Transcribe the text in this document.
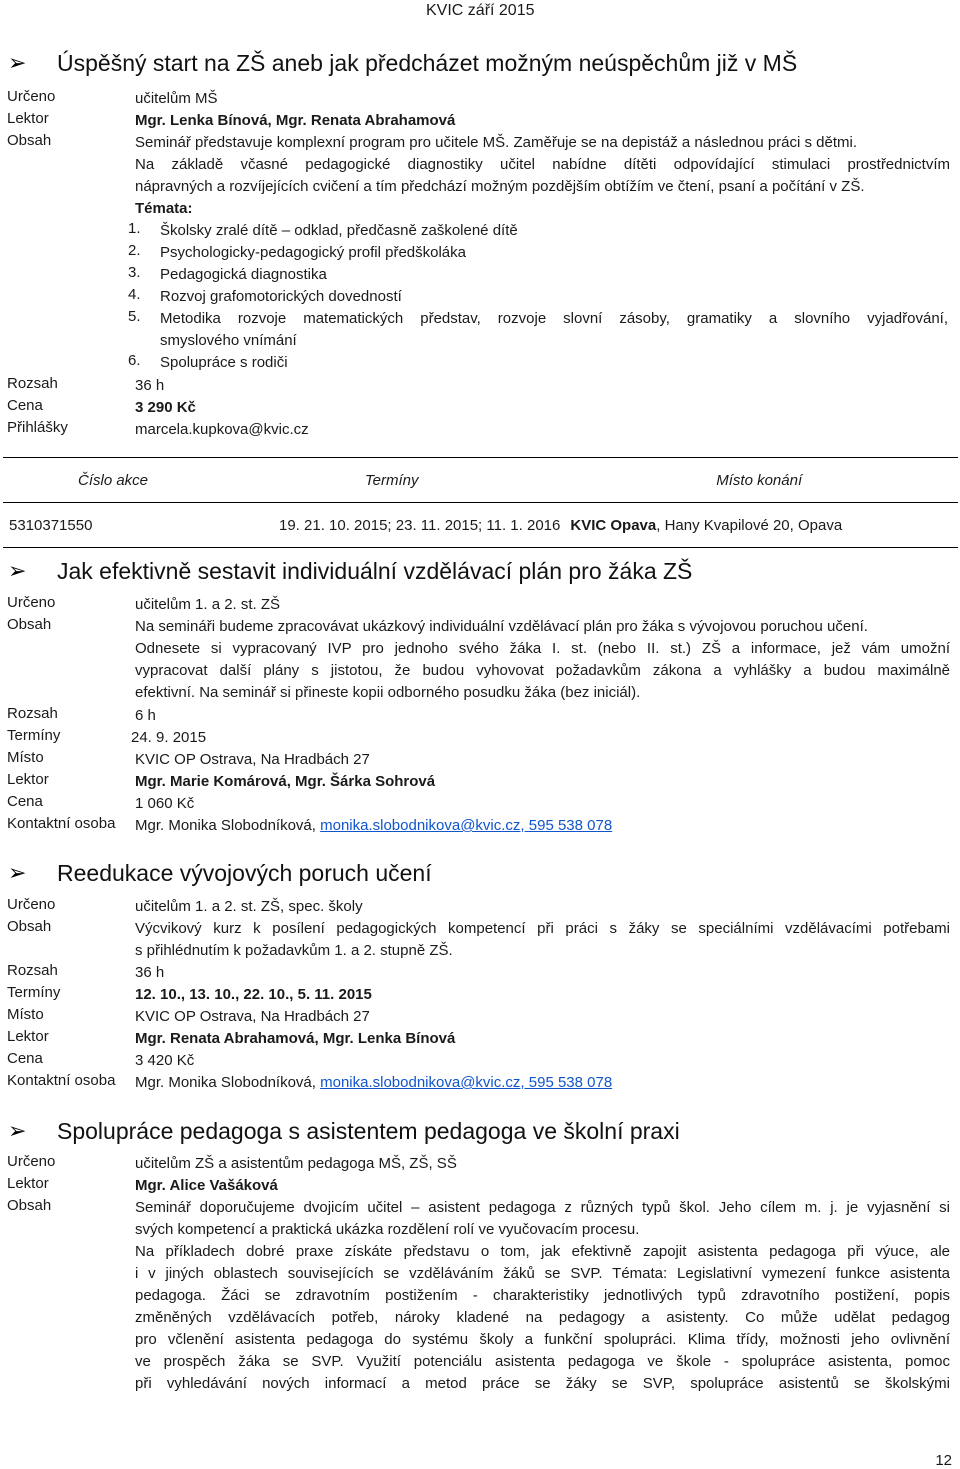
KVIC září 2015
➢	Úspěšný start na ZŠ aneb jak předcházet možným neúspěchům již v MŠ
Určeno	učitelům MŠ
Lektor	Mgr. Lenka Bínová, Mgr. Renata Abrahamová
Obsah	Seminář představuje komplexní program pro učitele MŠ. Zaměřuje se na depistáž a následnou práci s dětmi.
Na základě včasné pedagogické diagnostiky učitel nabídne dítěti odpovídající stimulaci prostřednictvím
nápravných a rozvíjejících cvičení a tím předchází možným pozdějším obtížím ve čtení, psaní a počítání v ZŠ.
Témata:
1. Školsky zralé dítě – odklad, předčasně zaškolené dítě
2. Psychologicky-pedagogický profil předškoláka
3. Pedagogická diagnostika
4. Rozvoj grafomotorických dovedností
5. Metodika rozvoje matematických představ, rozvoje slovní zásoby, gramatiky a slovního vyjadřování,
smyslového vnímání
6. Spolupráce s rodiči
Rozsah	36 h
Cena	3 290 Kč
Přihlášky	marcela.kupkova@kvic.cz
Číslo akce	Termíny	Místo konání
5310371550	19. 21. 10. 2015; 23. 11. 2015; 11. 1. 2016	KVIC Opava, Hany Kvapilové 20, Opava
➢	Jak efektivně sestavit individuální vzdělávací plán pro žáka ZŠ
Určeno	učitelům 1. a 2. st. ZŠ
Obsah	Na semináři budeme zpracovávat ukázkový individuální vzdělávací plán pro žáka s vývojovou poruchou učení.
Odnesete si vypracovaný IVP pro jednoho svého žáka I. st. (nebo II. st.) ZŠ a informace, jež vám umožní
vypracovat další plány s jistotou, že budou vyhovovat požadavkům zákona a vyhlášky a budou maximálně
efektivní. Na seminář si přineste kopii odborného posudku žáka (bez iniciál).
Rozsah	6 h
Termíny	24. 9. 2015
Místo	KVIC OP Ostrava, Na Hradbách 27
Lektor	Mgr. Marie Komárová, Mgr. Šárka Sohrová
Cena	1 060 Kč
Kontaktní osoba Mgr. Monika Slobodníková, monika.slobodnikova@kvic.cz, 595 538 078
➢	Reedukace vývojových poruch učení
Určeno	učitelům 1. a 2. st. ZŠ, spec. školy
Obsah	Výcvikový kurz k posílení pedagogických kompetencí při práci s žáky se speciálními vzdělávacími potřebami
s přihlédnutím k požadavkům 1. a 2. stupně ZŠ.
Rozsah	36 h
Termíny	12. 10., 13. 10., 22. 10., 5. 11. 2015
Místo	KVIC OP Ostrava, Na Hradbách 27
Lektor	Mgr. Renata Abrahamová, Mgr. Lenka Bínová
Cena	3 420 Kč
Kontaktní osoba Mgr. Monika Slobodníková, monika.slobodnikova@kvic.cz, 595 538 078
➢	Spolupráce pedagoga s asistentem pedagoga ve školní praxi
Určeno	učitelům ZŠ a asistentům pedagoga MŠ, ZŠ, SŠ
Lektor	Mgr. Alice Vašáková
Obsah	Seminář doporučujeme dvojicím učitel – asistent pedagoga z různých typů škol. Jeho cílem m. j. je vyjasnění si
svých kompetencí a praktická ukázka rozdělení rolí ve vyučovacím procesu.
Na příkladech dobré praxe získáte představu o tom, jak efektivně zapojit asistenta pedagoga při výuce, ale
i v jiných oblastech souvisejících se vzděláváním žáků se SVP. Témata: Legislativní vymezení funkce asistenta
pedagoga. Žáci se zdravotním postižením - charakteristiky jednotlivých typů zdravotního postižení, popis
změněných vzdělávacích potřeb, nároky kladené na pedagogy a asistenty. Co může udělat pedagog
pro včlenění asistenta pedagoga do systému školy a funkční spolupráci. Klima třídy, možnosti jeho ovlivnění
ve prospěch žáka se SVP. Využití potenciálu asistenta pedagoga ve škole - spolupráce asistenta, pomoc
při vyhledávání nových informací a metod práce se žáky se SVP, spolupráce asistentů se školskými
12
